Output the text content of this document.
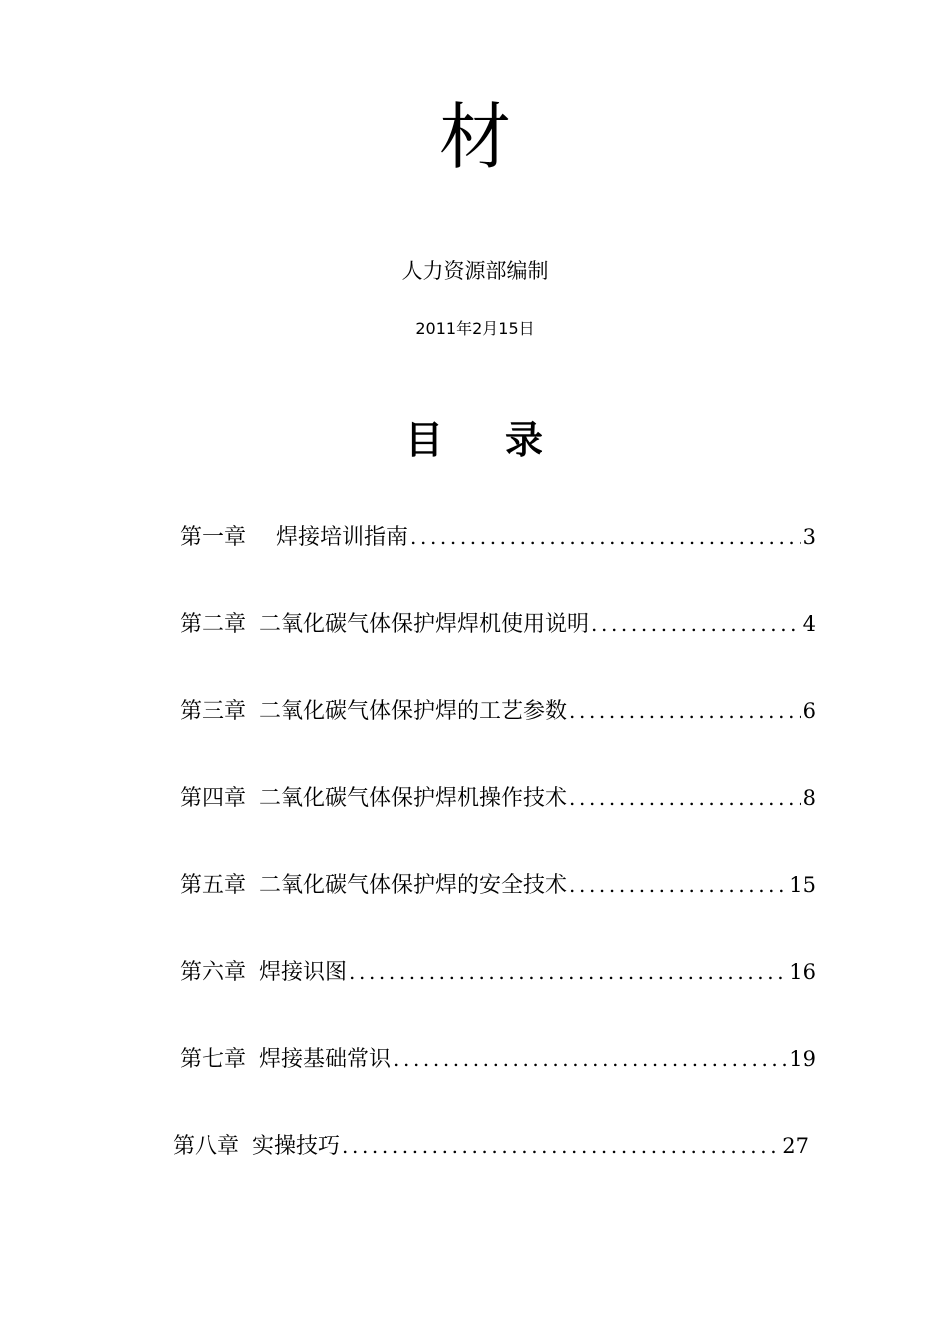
材
人力资源部编制
2011年2月15日
目 录
第一章 焊接培训指南 .....	3
第二章 二氧化碳气体保护焊焊机使用说明 .....	4
第三章 二氧化碳气体保护焊的工艺参数 .....	6
第四章 二氧化碳气体保护焊机操作技术 .....	8
第五章 二氧化碳气体保护焊的安全技术 .....	15
第六章 焊接识图 .....	16
第七章 焊接基础常识 .....	19
第八章 实操技巧 .....	27
